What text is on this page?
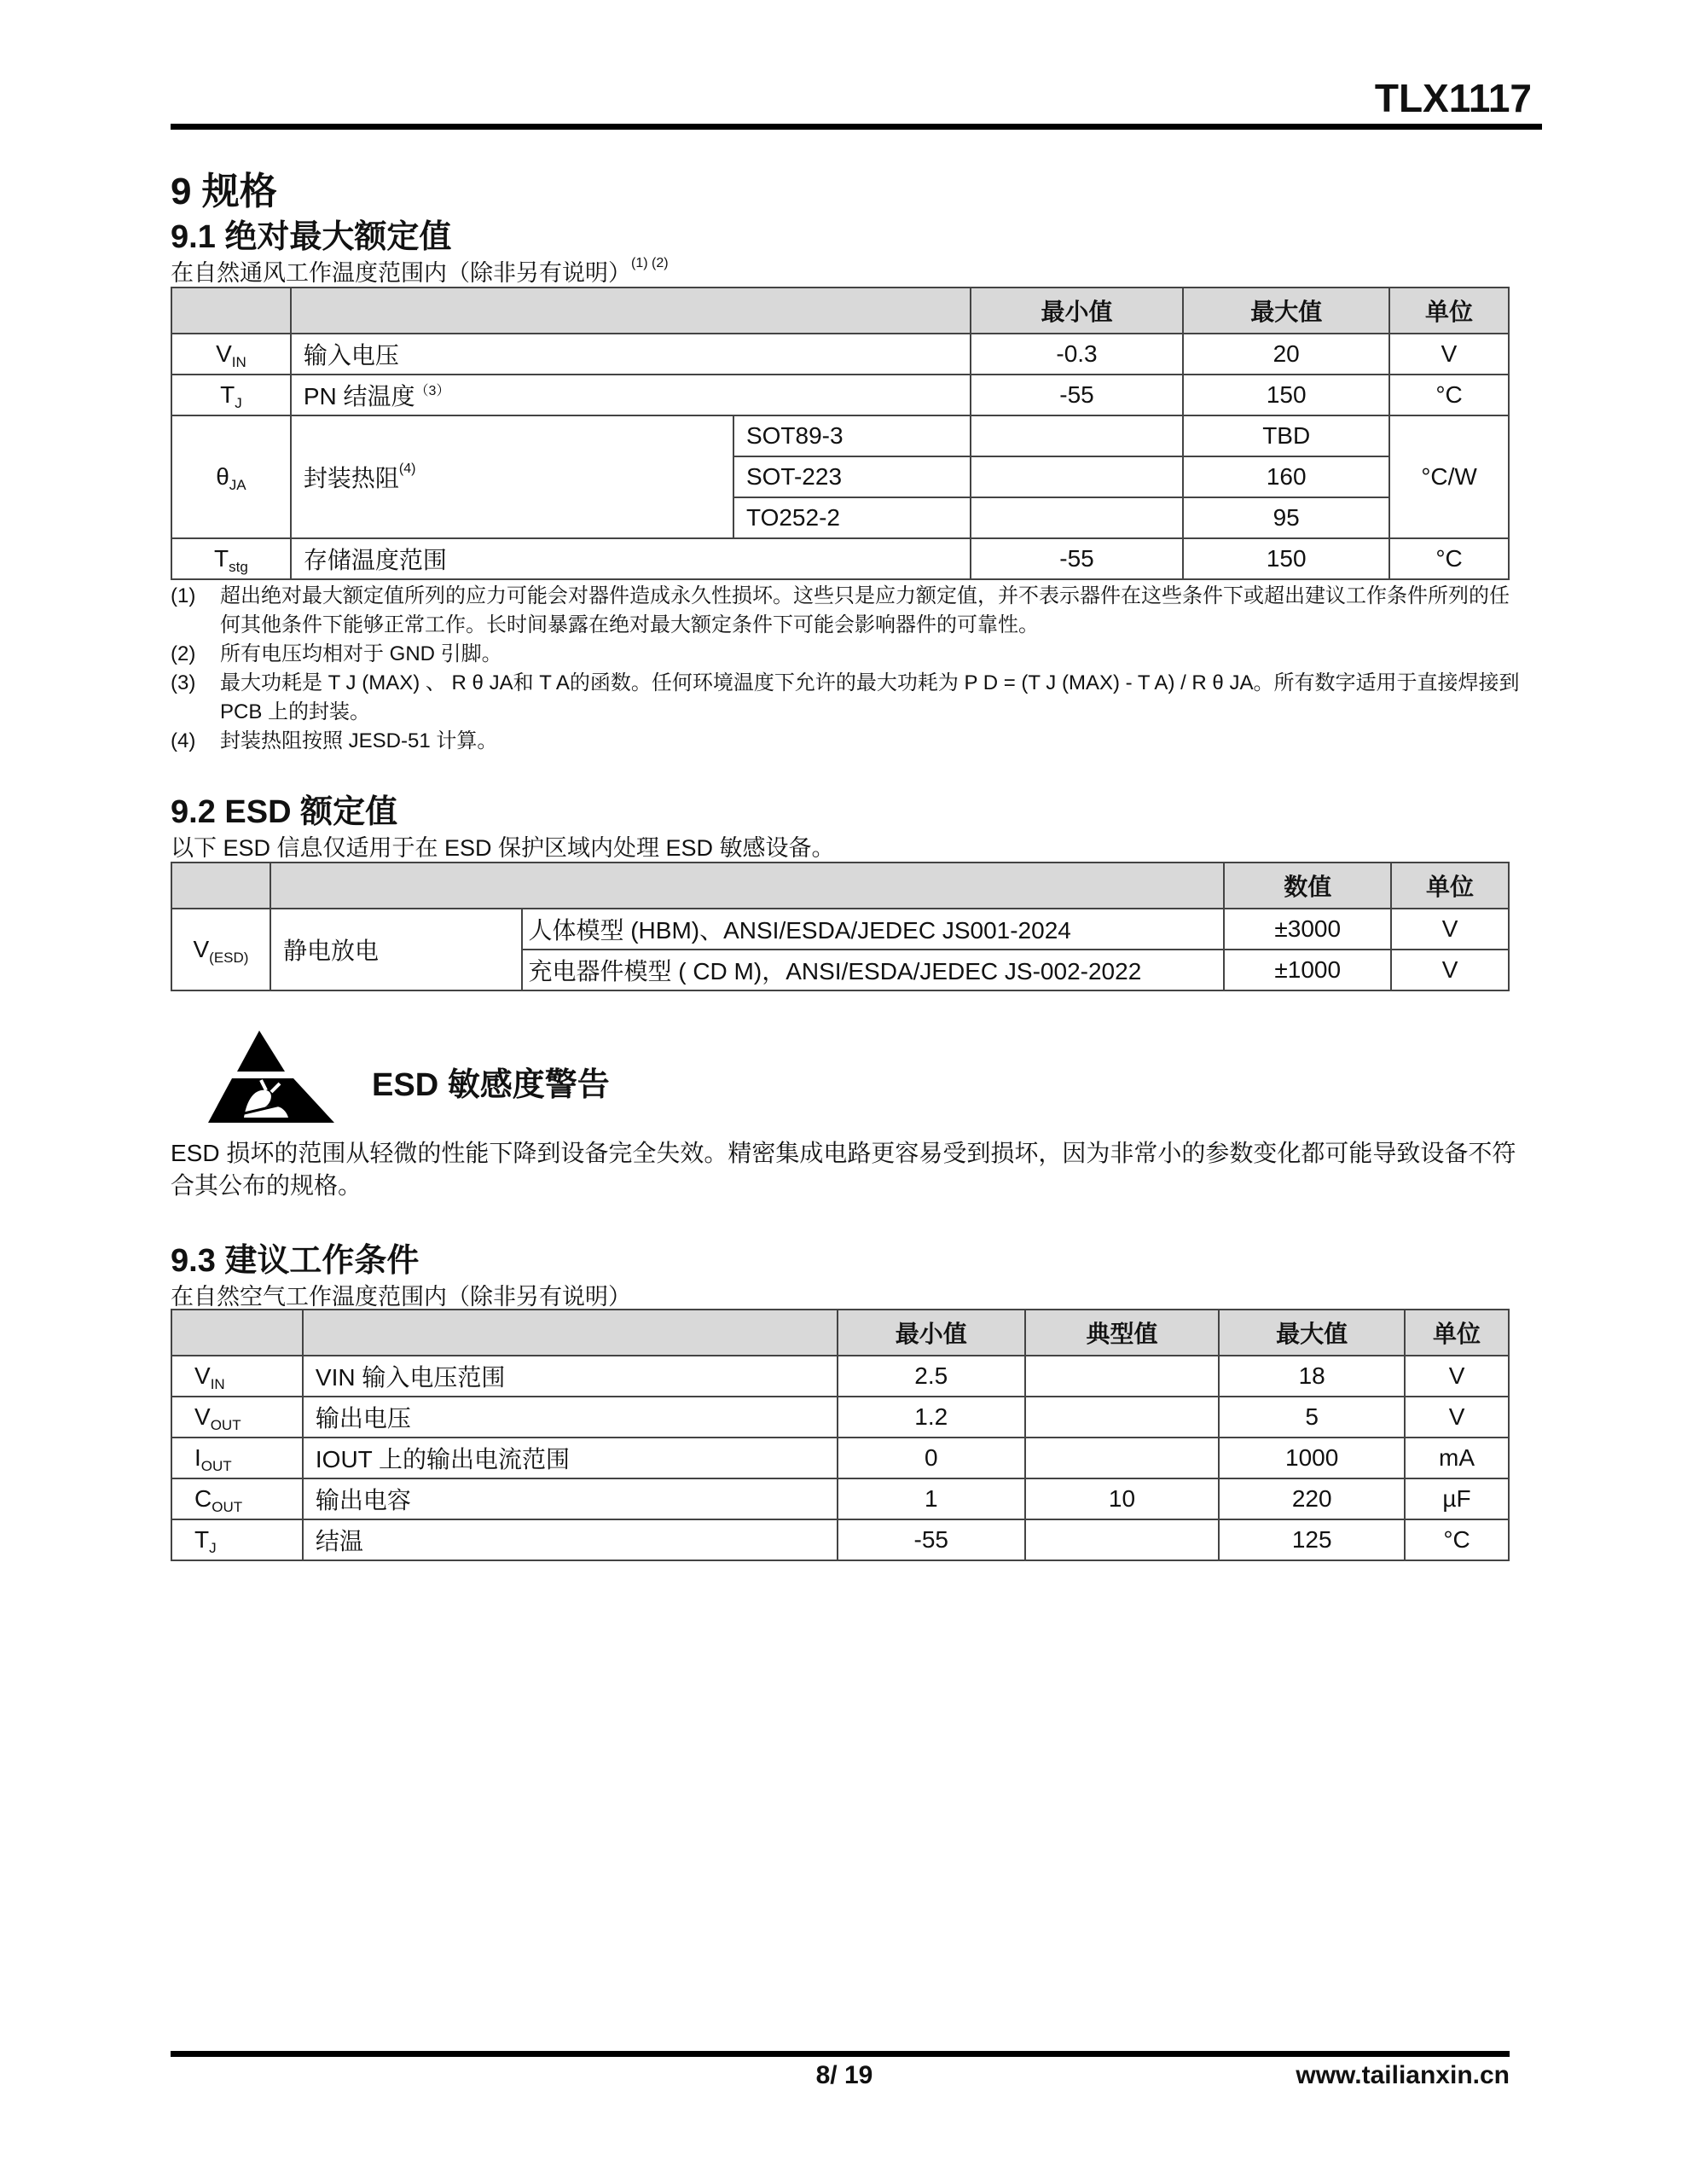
TLX1117
9 规格
9.1 绝对最大额定值
在自然通风工作温度范围内（除非另有说明）$^{(1) (2)}$
			最小值	最大值	单位
$V_{IN}$	输入电压		-0.3	20	V
$T_J$	PN 结温度$^{(3)}$		-55	150	°C
$\theta_{JA}$	封装热阻$^{(4)}$	SOT89-3		TBD	°C/W
		SOT-223		160	
		TO252-2		95	
$T_{stg}$	存储温度范围		-55	150	°C
(1)	超出绝对最大额定值所列的应力可能会对器件造成永久性损坏。这些只是应力额定值，并不表示器件在这些条件下或超出建议工作条件所列的任何其他条件下能够正常工作。长时间暴露在绝对最大额定条件下可能会影响器件的可靠性。
(2)	所有电压均相对于 GND 引脚。
(3)	最大功耗是 T J (MAX) 、 R θ JA和 T A的函数。任何环境温度下允许的最大功耗为 P D = (T J (MAX) - T A) / R θ JA。所有数字适用于直接焊接到 PCB 上的封装。
(4)	封装热阻按照 JESD-51 计算。
9.2 ESD 额定值
以下 ESD 信息仅适用于在 ESD 保护区域内处理 ESD 敏感设备。
			数值	单位
$V_{(ESD)}$	静电放电	人体模型 (HBM)、ANSI/ESDA/JEDEC JS001-2024	±3000	V
		充电器件模型 ( CD M)，ANSI/ESDA/JEDEC JS-002-2022	±1000	V
ESD 敏感度警告
ESD 损坏的范围从轻微的性能下降到设备完全失效。精密集成电路更容易受到损坏，因为非常小的参数变化都可能导致设备不符合其公布的规格。
9.3 建议工作条件
在自然空气工作温度范围内（除非另有说明）
		最小值	典型值	最大值	单位
$V_{IN}$	VIN 输入电压范围	2.5		18	V
$V_{OUT}$	输出电压	1.2		5	V
$I_{OUT}$	IOUT 上的输出电流范围	0		1000	mA
$C_{OUT}$	输出电容	1	10	220	µF
$T_J$	结温	-55		125	°C
8/ 19	www.tailianxin.cn
